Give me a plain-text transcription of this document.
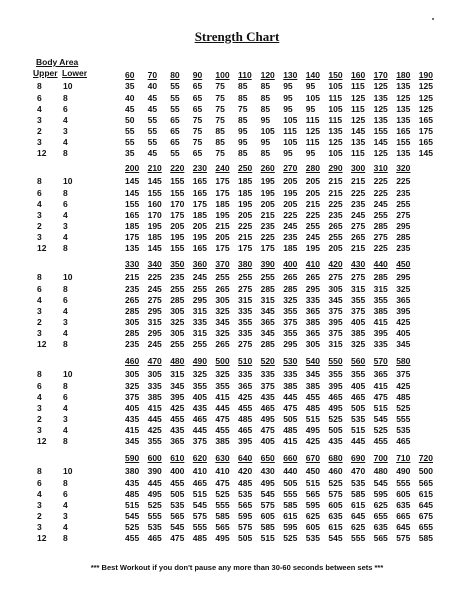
Strength Chart
Body Area
Upper Lower	60 70 80 90 100 110 120 130 140 150 160 170 180 190
8	10	35 40 55 65 75 85 85 95 95 105 115 125 135 125
6	8	40 45 55 65 75 85 85 95 105 115 125 135 125 125
4	6	45 45 55 65 75 75 85 95 95 105 115 125 135 125
3	4	50 55 65 75 75 85 95 105 115 115 125 135 135 165
2	3	55 55 65 75 85 95 105 115 125 135 145 155 165 175
3	4	55 55 65 75 85 95 95 105 115 125 135 145 155 165
12 8	35 45 55 65 75 85 85 95 95 105 115 125 135 145
200 210 220 230 240 250 260 270 280 290 300 310 320
8	10	145 145 155 165 175 185 195 205 205 215 215 225 225
6	8	145 155 155 165 175 185 195 195 205 215 225 225 235
4	6	155 160 170 175 185 195 205 205 215 225 235 245 255
3	4	165 170 175 185 195 205 215 225 225 235 245 255 275
2	3	185 195 205 205 215 225 235 245 255 265 275 285 295
3	4	175 185 195 195 205 215 225 235 245 255 265 275 285
12 8	135 145 155 165 175 175 175 185 195 205 215 225 235
330 340 350 360 370 380 390 400 410 420 430 440 450
8	10	215 225 235 245 255 255 255 265 265 275 275 285 295
6	8	235 245 255 255 265 275 285 285 295 305 315 315 325
4	6	265 275 285 295 305 315 315 325 335 345 355 355 365
3	4	285 295 305 315 325 335 345 355 365 375 375 385 395
2	3	305 315 325 335 345 355 365 375 385 395 405 415 425
3	4	285 295 305 315 325 335 345 355 365 375 385 395 405
12 8	235 245 255 255 265 275 285 295 305 315 325 335 345
460 470 480 490 500 510 520 530 540 550 560 570 580
8	10	305 305 315 325 325 335 335 335 345 355 355 365 375
6	8	325 335 345 355 355 365 375 385 385 395 405 415 425
4	6	375 385 395 405 415 425 435 445 455 465 465 475 485
3	4	405 415 425 435 445 455 465 475 485 495 505 515 525
2	3	435 445 455 465 475 485 495 505 515 525 535 545 555
3	4	415 425 435 445 455 465 475 485 495 505 515 525 535
12 8	345 355 365 375 385 395 405 415 425 435 445 455 465
590 600 610 620 630 640 650 660 670 680 690 700 710 720
8	10	380 390 400 410 410 420 430 440 450 460 470 480 490 500
6	8	435 445 455 465 475 485 495 505 515 525 535 545 555 565
4	6	485 495 505 515 525 535 545 555 565 575 585 595 605 615
3	4	515 525 535 545 555 565 575 585 595 605 615 625 635 645
2	3	545 555 565 575 585 595 605 615 625 635 645 655 665 675
3	4	525 535 545 555 565 575 585 595 605 615 625 635 645 655
12 8	455 465 475 485 495 505 515 525 535 545 555 565 575 585
*** Best Workout if you don't pause any more than 30-60 seconds between sets ***
